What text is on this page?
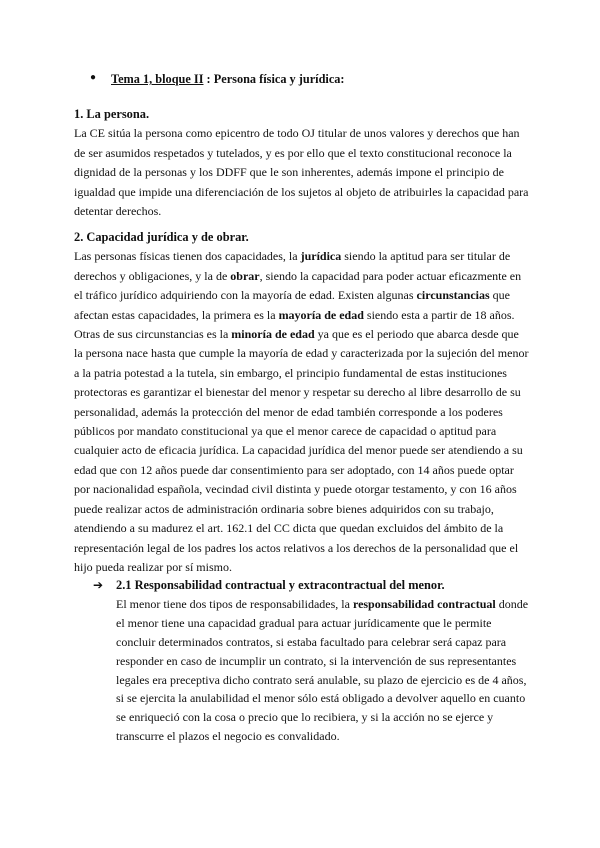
● Tema 1, bloque II : Persona física y jurídica:
1. La persona.

La CE sitúa la persona como epicentro de todo OJ titular de unos valores y derechos que han de ser asumidos respetados y tutelados, y es por ello que el texto constitucional reconoce la dignidad de la personas y los DDFF que le son inherentes, además impone el principio de igualdad que impide una diferenciación de los sujetos al objeto de atribuirles la capacidad para detentar derechos.

2. Capacidad jurídica y de obrar.

Las personas físicas tienen dos capacidades, la jurídica siendo la aptitud para ser titular de derechos y obligaciones, y la de obrar, siendo la capacidad para poder actuar eficazmente en el tráfico jurídico adquiriendo con la mayoría de edad. Existen algunas circunstancias que afectan estas capacidades, la primera es la mayoría de edad siendo esta a partir de 18 años. Otras de sus circunstancias es la minoría de edad ya que es el periodo que abarca desde que la persona nace hasta que cumple la mayoría de edad y caracterizada por la sujeción del menor a la patria potestad a la tutela, sin embargo, el principio fundamental de estas instituciones protectoras es garantizar el bienestar del menor y respetar su derecho al libre desarrollo de su personalidad, además la protección del menor de edad también corresponde a los poderes públicos por mandato constitucional ya que el menor carece de capacidad o aptitud para cualquier acto de eficacia jurídica. La capacidad jurídica del menor puede ser atendiendo a su edad que con 12 años puede dar consentimiento para ser adoptado, con 14 años puede optar por nacionalidad española, vecindad civil distinta y puede otorgar testamento, y con 16 años puede realizar actos de administración ordinaria sobre bienes adquiridos con su trabajo, atendiendo a su madurez el art. 162.1 del CC dicta que quedan excluidos del ámbito de la representación legal de los padres los actos relativos a los derechos de la personalidad que el hijo pueda realizar por sí mismo.

➔ 2.1 Responsabilidad contractual y extracontractual del menor.

El menor tiene dos tipos de responsabilidades, la responsabilidad contractual donde el menor tiene una capacidad gradual para actuar jurídicamente que le permite concluir determinados contratos, si estaba facultado para celebrar será capaz para responder en caso de incumplir un contrato, si la intervención de sus representantes legales era preceptiva dicho contrato será anulable, su plazo de ejercicio es de 4 años, si se ejercita la anulabilidad el menor sólo está obligado a devolver aquello en cuanto se enriqueció con la cosa o precio que lo recibiera, y si la acción no se ejerce y transcurre el plazos el negocio es convalidado.
